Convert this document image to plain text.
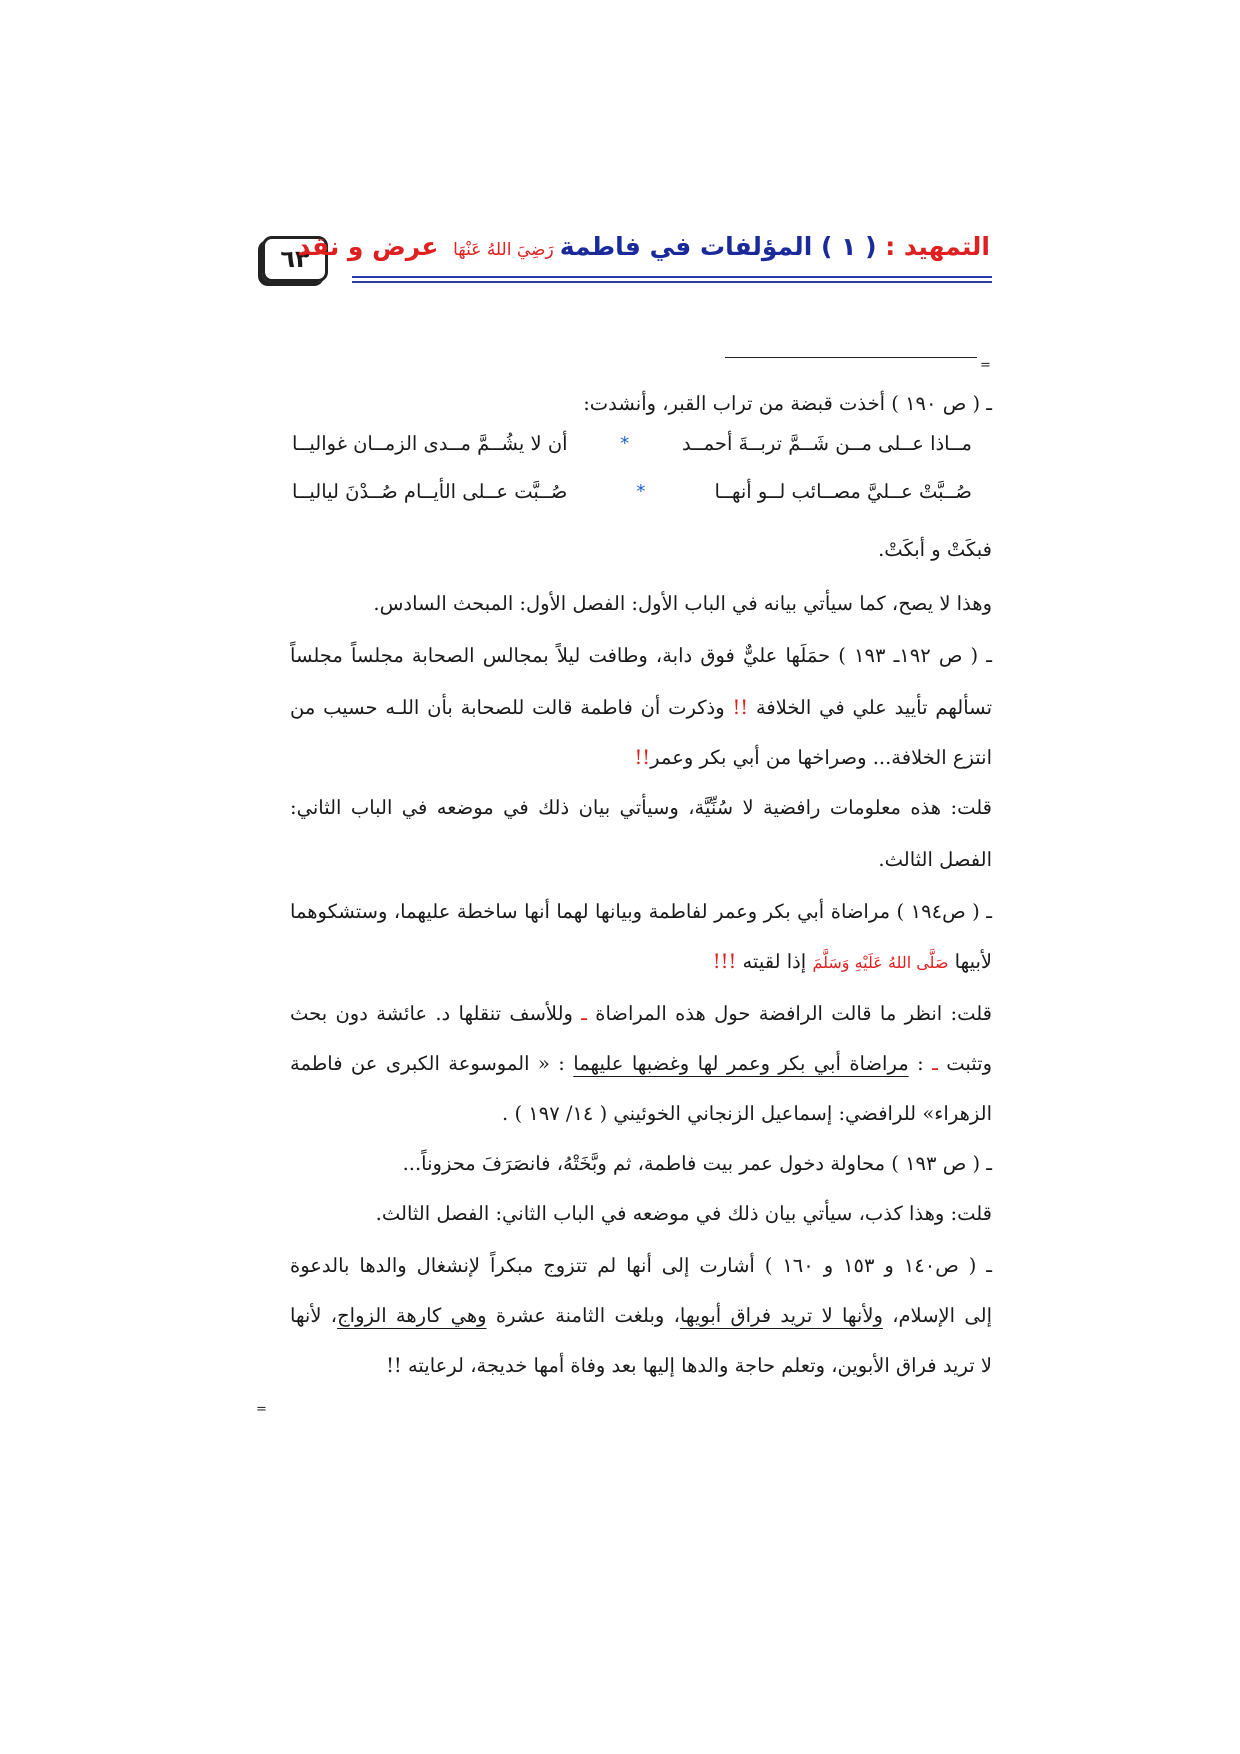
٦٣	التمهيد : ( ١ ) المؤلفات في فاطمةرَضِيَ اللهُ عَنْهَا عرض و نقد
=
=
ـ ( ص ١٩٠ ) أخذت قبضة من تراب القبر، وأنشدت:
مــاذا عــلى مــن شَــمَّ تربــةَ أحمــد
*
أن لا يشُــمَّ مــدى الزمــان غواليــا
صُــبَّتْ عــليَّ مصــائب لــو أنهــا
*
صُــبَّت عــلى الأيــام صُــدْنَ لياليــا
فبكَتْ و أبكَتْ.
وهذا لا يصح، كما سيأتي بيانه في الباب الأول: الفصل الأول: المبحث السادس.
ـ ( ص ١٩٢ـ ١٩٣ ) حمَلَها عليٌّ فوق دابة، وطافت ليلاً بمجالس الصحابة مجلساً مجلساً
تسألهم تأييد علي في الخلافة !! وذكرت أن فاطمة قالت للصحابة بأن اللـه حسيب من
انتزع الخلافة... وصراخها من أبي بكر وعمر!!
قلت: هذه معلومات رافضية لا سُنِّيَّة، وسيأتي بيان ذلك في موضعه في الباب الثاني:
الفصل الثالث.
ـ ( ص١٩٤ ) مراضاة أبي بكر وعمر لفاطمة وبيانها لهما أنها ساخطة عليهما، وستشكوهما
لأبيها صَلَّى اللهُ عَلَيْهِ وَسَلَّمَ إذا لقيته !!!
قلت: انظر ما قالت الرافضة حول هذه المراضاة ـ وللأسف تنقلها د. عائشة دون بحث
وتثبت ـ : مراضاة أبي بكر وعمر لها وغضبها عليهما : « الموسوعة الكبرى عن فاطمة
الزهراء» للرافضي: إسماعيل الزنجاني الخوئيني ( ١٤/ ١٩٧ ) .
ـ ( ص ١٩٣ ) محاولة دخول عمر بيت فاطمة، ثم وبَّخَتْهُ، فانصَرَفَ محزوناً...
قلت: وهذا كذب، سيأتي بيان ذلك في موضعه في الباب الثاني: الفصل الثالث.
ـ ( ص١٤٠ و ١٥٣ و ١٦٠ ) أشارت إلى أنها لم تتزوج مبكراً لإنشغال والدها بالدعوة
إلى الإسلام، ولأنها لا تريد فراق أبويها، وبلغت الثامنة عشرة وهي كارهة الزواج، لأنها
لا تريد فراق الأبوين، وتعلم حاجة والدها إليها بعد وفاة أمها خديجة، لرعايته !!
